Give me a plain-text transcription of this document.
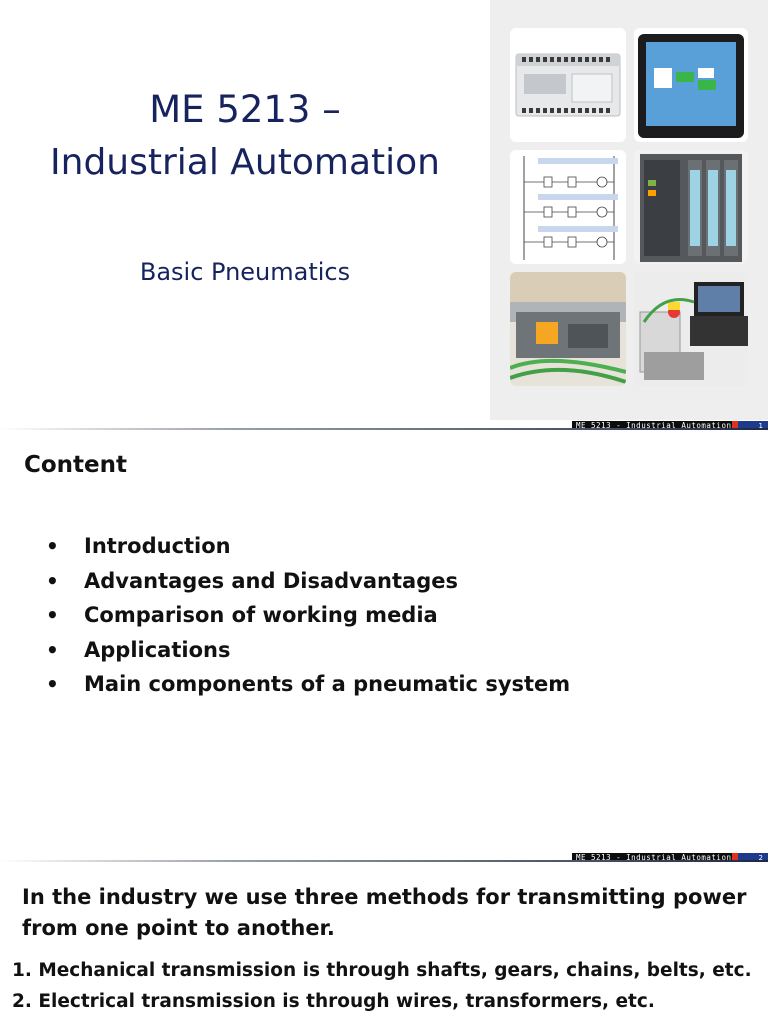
ME 5213 –
Industrial Automation
Basic Pneumatics
ME 5213 - Industrial Automation	1
Content
• Introduction
• Advantages and Disadvantages
• Comparison of working media
• Applications
• Main components of a pneumatic system
ME 5213 - Industrial Automation	2
In the industry we use three methods for transmitting power from one point to another.
1. Mechanical transmission is through shafts, gears, chains, belts, etc.
2. Electrical transmission is through wires, transformers, etc.
